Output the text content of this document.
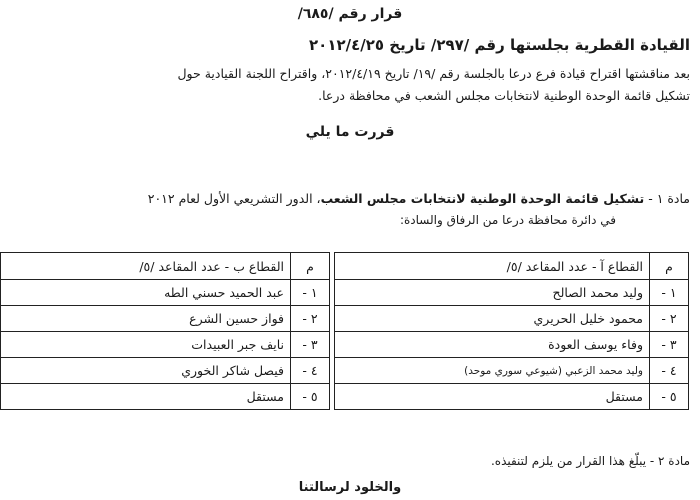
قرار رقم /٦٨٥/
القيادة القطرية بجلستها رقم /٢٩٧/ تاريخ ٢٠١٢/٤/٢٥
بعد مناقشتها اقتراح قيادة فرع درعا بالجلسة رقم /١٩/ تاريخ ٢٠١٢/٤/١٩، واقتراح اللجنة القيادية حول
تشكيل قائمة الوحدة الوطنية لانتخابات مجلس الشعب في محافظة درعا.
قررت ما يلي
مادة ١ - تشكيل قائمة الوحدة الوطنية لانتخابات مجلس الشعب، الدور التشريعي الأول لعام ٢٠١٢
في دائرة محافظة درعا من الرفاق والسادة:
م	القطاع آ - عدد المقاعد /٥/
١ -	وليد محمد الصالح
٢ -	محمود خليل الحريري
٣ -	وفاء يوسف العودة
٤ -	وليد محمد الزعبي (شيوعي سوري موحد)
٥ -	مستقل
م	القطاع ب - عدد المقاعد /٥/
١ -	عبد الحميد حسني الطه
٢ -	فواز حسين الشرع
٣ -	نايف جبر العبيدات
٤ -	فيصل شاكر الخوري
٥ -	مستقل
مادة ٢ - يبلّغ هذا القرار من يلزم لتنفيذه.
والخلود لرسالتنا
